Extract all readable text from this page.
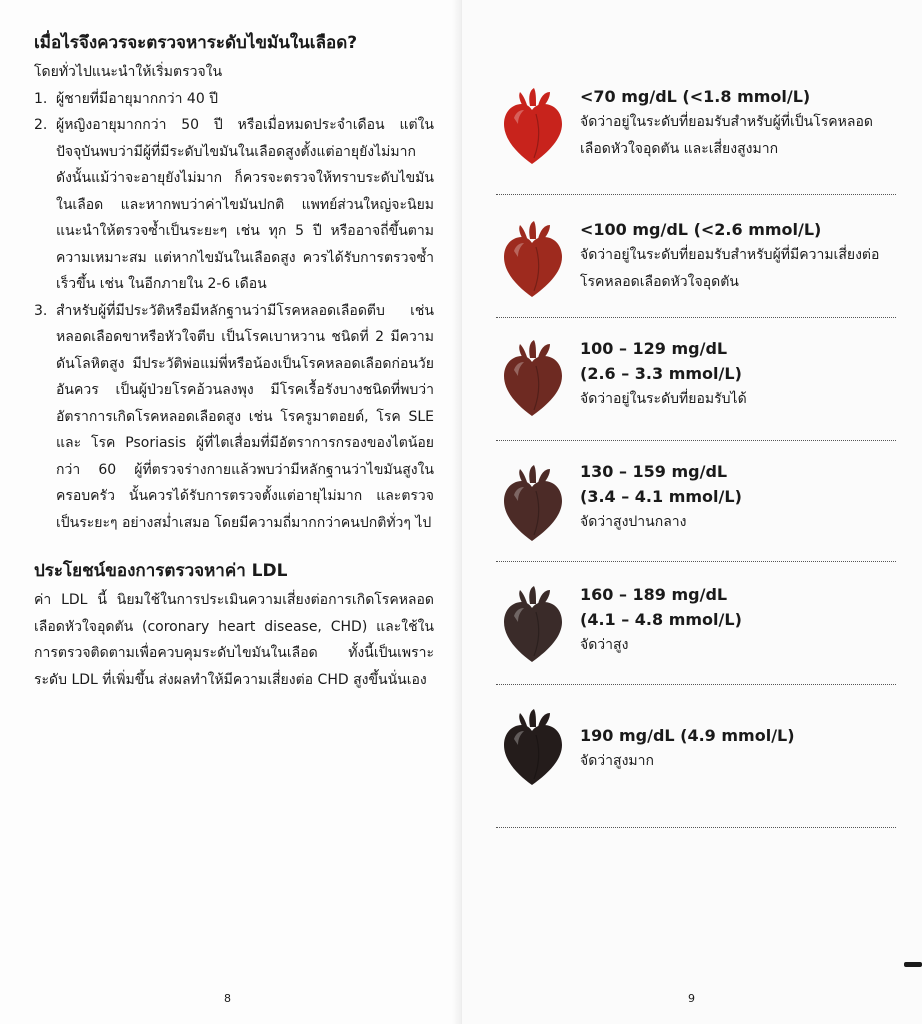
เมื่อไรจึงควรจะตรวจหาระดับไขมันในเลือด?

โดยทั่วไปแนะนำให้เริ่มตรวจใน

1. ผู้ชายที่มีอายุมากกว่า 40 ปี
2. ผู้หญิงอายุมากกว่า 50 ปี หรือเมื่อหมดประจำเดือน แต่ในปัจจุบันพบว่ามีผู้ที่มีระดับไขมันในเลือดสูงตั้งแต่อายุยังไม่มาก ดังนั้นแม้ว่าจะอายุยังไม่มาก ก็ควรจะตรวจให้ทราบระดับไขมันในเลือด และหากพบว่าค่าไขมันปกติ แพทย์ส่วนใหญ่จะนิยมแนะนำให้ตรวจซ้ำเป็นระยะๆ เช่น ทุก 5 ปี หรืออาจถี่ขึ้นตามความเหมาะสม แต่หากไขมันในเลือดสูง ควรได้รับการตรวจซ้ำเร็วขึ้น เช่น ในอีกภายใน 2-6 เดือน
3. สำหรับผู้ที่มีประวัติหรือมีหลักฐานว่ามีโรคหลอดเลือดตีบ เช่น หลอดเลือดขาหรือหัวใจตีบ เป็นโรคเบาหวาน ชนิดที่ 2 มีความดันโลหิตสูง มีประวัติพ่อแม่พี่หรือน้องเป็นโรคหลอดเลือดก่อนวัยอันควร เป็นผู้ป่วยโรคอ้วนลงพุง มีโรคเรื้อรังบางชนิดที่พบว่าอัตราการเกิดโรคหลอดเลือดสูง เช่น โรครูมาตอยด์, โรค SLE และ โรค Psoriasis ผู้ที่ไตเสื่อมที่มีอัตราการกรองของไตน้อยกว่า 60 ผู้ที่ตรวจร่างกายแล้วพบว่ามีหลักฐานว่าไขมันสูงในครอบครัว นั้นควรได้รับการตรวจตั้งแต่อายุไม่มาก และตรวจเป็นระยะๆ อย่างสม่ำเสมอ โดยมีความถี่มากกว่าคนปกติทั่วๆ ไป
ประโยชน์ของการตรวจหาค่า LDL

ค่า LDL นี้ นิยมใช้ในการประเมินความเสี่ยงต่อการเกิดโรคหลอดเลือดหัวใจอุดตัน (coronary heart disease, CHD) และใช้ในการตรวจติดตามเพื่อควบคุมระดับไขมันในเลือด ทั้งนี้เป็นเพราะระดับ LDL ที่เพิ่มขึ้น ส่งผลทำให้มีความเสี่ยงต่อ CHD สูงขึ้นนั่นเอง

8
<70 mg/dL (<1.8 mmol/L)
จัดว่าอยู่ในระดับที่ยอมรับสำหรับผู้ที่เป็นโรคหลอดเลือดหัวใจอุดตัน และเสี่ยงสูงมาก
<100 mg/dL (<2.6 mmol/L)
จัดว่าอยู่ในระดับที่ยอมรับสำหรับผู้ที่มีความเสี่ยงต่อโรคหลอดเลือดหัวใจอุดตัน
100 – 129 mg/dL
(2.6 – 3.3 mmol/L)
จัดว่าอยู่ในระดับที่ยอมรับได้
130 – 159 mg/dL
(3.4 – 4.1 mmol/L)
จัดว่าสูงปานกลาง
160 – 189 mg/dL
(4.1 – 4.8 mmol/L)
จัดว่าสูง
190 mg/dL (4.9 mmol/L)
จัดว่าสูงมาก
9
